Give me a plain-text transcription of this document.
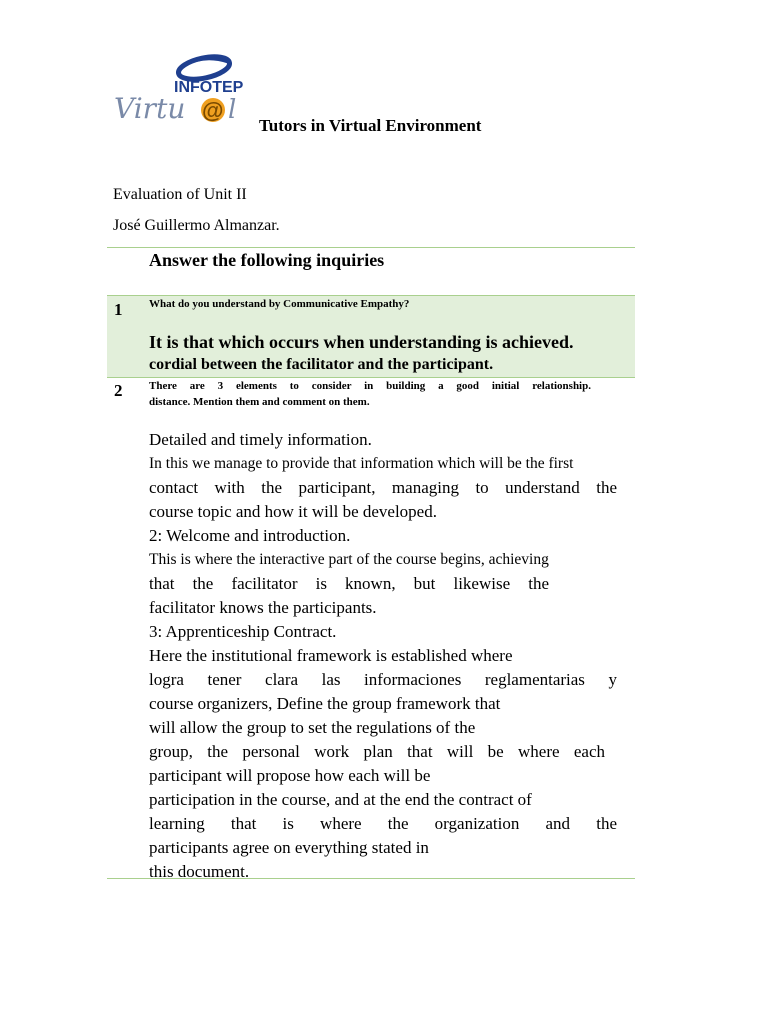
INFOTEP
Virtu @ l
Tutors in Virtual Environment
Evaluation of Unit II
José Guillermo Almanzar.
Answer the following inquiries
1 What do you understand by Communicative Empathy?
It is that which occurs when understanding is achieved.
cordial between the facilitator and the participant.
2 There are 3 elements to consider in building a good initial relationship.
distance. Mention them and comment on them.
Detailed and timely information.
In this we manage to provide that information which will be the first
contact with the participant, managing to understand the
course topic and how it will be developed.
2: Welcome and introduction.
This is where the interactive part of the course begins, achieving
that the facilitator is known, but likewise the
facilitator knows the participants.
3: Apprenticeship Contract.
Here the institutional framework is established where
logra tener clara las informaciones reglamentarias y
course organizers, Define the group framework that
will allow the group to set the regulations of the
group, the personal work plan that will be where each
participant will propose how each will be
participation in the course, and at the end the contract of
learning that is where the organization and the
participants agree on everything stated in
this document.
